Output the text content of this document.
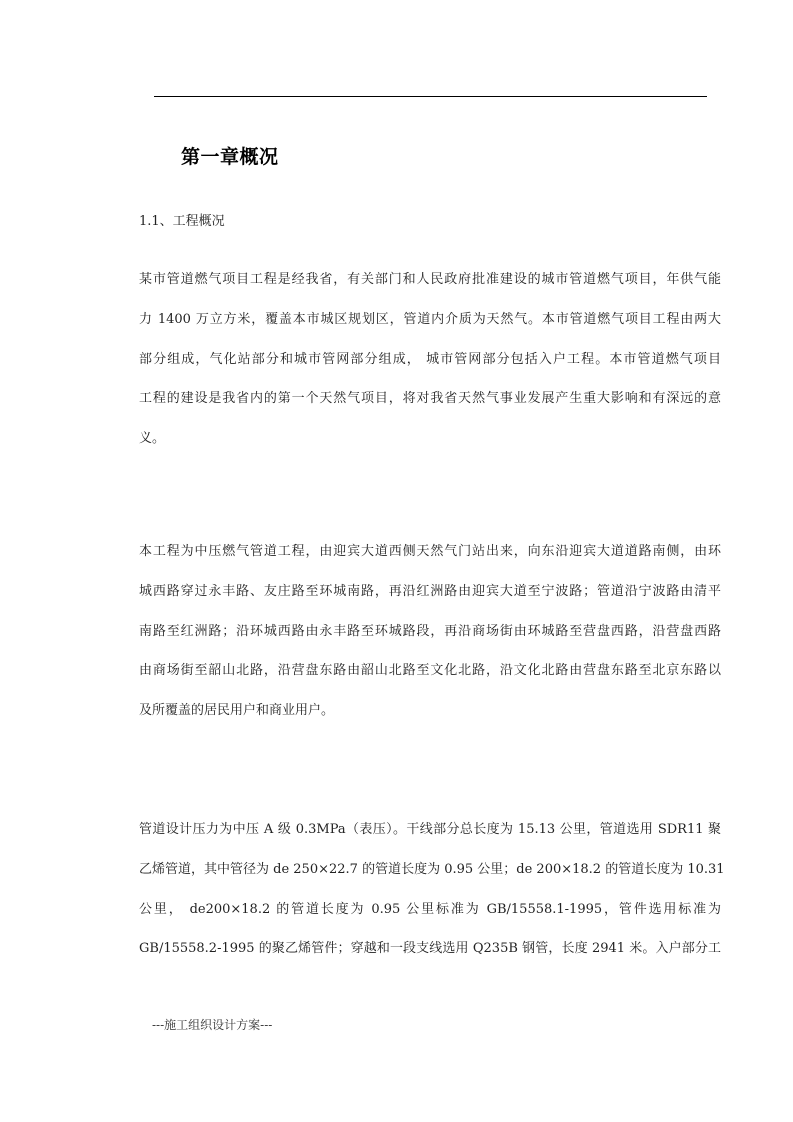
第一章概况
1.1、工程概况
某市管道燃气项目工程是经我省，有关部门和人民政府批准建设的城市管道燃气项目，年供气能
力 1400 万立方米，覆盖本市城区规划区，管道内介质为天然气。本市管道燃气项目工程由两大
部分组成，气化站部分和城市管网部分组成， 城市管网部分包括入户工程。本市管道燃气项目
工程的建设是我省内的第一个天然气项目，将对我省天然气事业发展产生重大影响和有深远的意
义。
本工程为中压燃气管道工程，由迎宾大道西侧天然气门站出来，向东沿迎宾大道道路南侧，由环
城西路穿过永丰路、友庄路至环城南路，再沿红洲路由迎宾大道至宁波路；管道沿宁波路由清平
南路至红洲路；沿环城西路由永丰路至环城路段，再沿商场街由环城路至营盘西路，沿营盘西路
由商场街至韶山北路，沿营盘东路由韶山北路至文化北路，沿文化北路由营盘东路至北京东路以
及所覆盖的居民用户和商业用户。
管道设计压力为中压 A 级 0.3MPa（表压）。干线部分总长度为 15.13 公里，管道选用 SDR11 聚
乙烯管道，其中管径为 de 250×22.7 的管道长度为 0.95 公里；de 200×18.2 的管道长度为 10.31
公里， de200×18.2 的管道长度为 0.95 公里标准为 GB/15558.1-1995，管件选用标准为
GB/15558.2-1995 的聚乙烯管件；穿越和一段支线选用 Q235B 钢管，长度 2941 米。入户部分工
---施工组织设计方案---
